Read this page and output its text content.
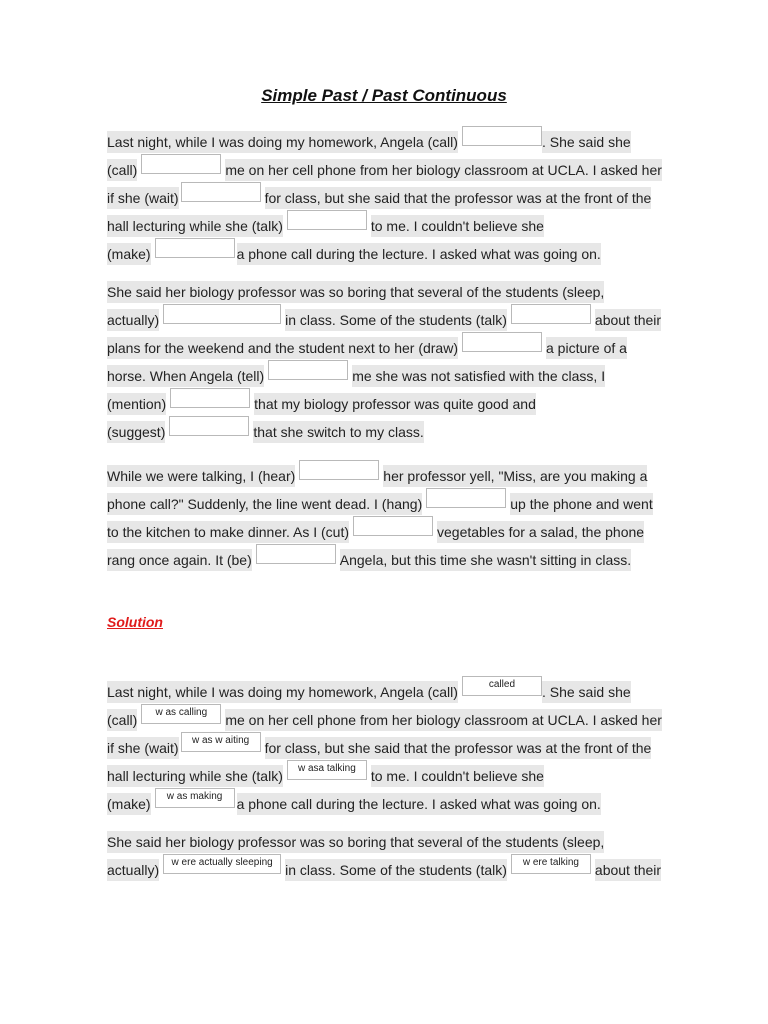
Simple Past / Past Continuous
Last night, while I was doing my homework, Angela (call)	. She said she
(call)	me on her cell phone from her biology classroom at UCLA. I asked her
if she (wait)	for class, but she said that the professor was at the front of the
hall lecturing while she (talk)	to me. I couldn't believe she
(make)	a phone call during the lecture. I asked what was going on.
She said her biology professor was so boring that several of the students (sleep,
actually)	in class. Some of the students (talk)	about their
plans for the weekend and the student next to her (draw)	a picture of a
horse. When Angela (tell)	me she was not satisfied with the class, I
(mention)	that my biology professor was quite good and
(suggest)	that she switch to my class.
While we were talking, I (hear)	her professor yell, "Miss, are you making a
phone call?" Suddenly, the line went dead. I (hang)	up the phone and went
to the kitchen to make dinner. As I (cut)	vegetables for a salad, the phone
rang once again. It (be)	Angela, but this time she wasn't sitting in class.
Solution
Last night, while I was doing my homework, Angela (call)	called	. She said she
(call)	w as calling	me on her cell phone from her biology classroom at UCLA. I asked her
if she (wait)	w as w aiting	for class, but she said that the professor was at the front of the
hall lecturing while she (talk)	w asa talking	to me. I couldn't believe she
(make)	w as making	a phone call during the lecture. I asked what was going on.
She said her biology professor was so boring that several of the students (sleep,
actually)	w ere actually sleeping in class. Some of the students (talk)	w ere talking	about their
